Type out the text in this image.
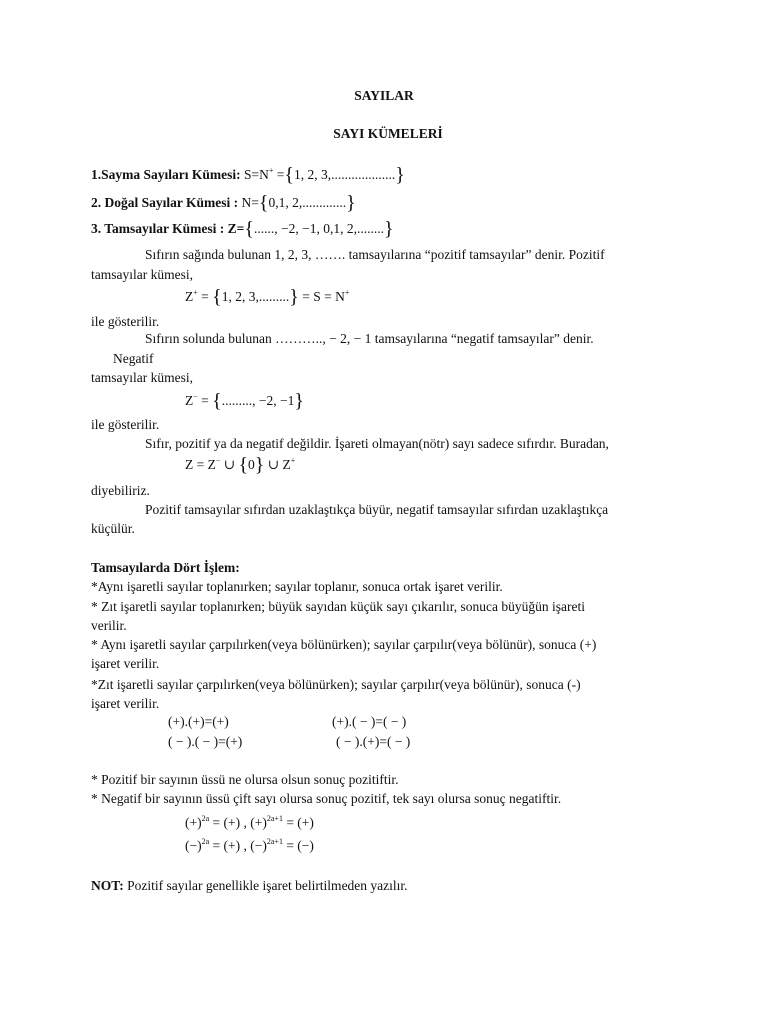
SAYILAR
SAYI KÜMELERİ
1.Sayma Sayıları Kümesi: S=N+ ={1, 2, 3,...................}
2. Doğal Sayılar Kümesi : N={0,1, 2,.............}
3. Tamsayılar Kümesi : Z={......, −2, −1, 0,1, 2,........}
Sıfırın sağında bulunan 1, 2, 3, ……. tamsayılarına “pozitif tamsayılar” denir. Pozitif
tamsayılar kümesi,
Z+ = {1, 2, 3,.........} = S = N+
ile gösterilir.
Sıfırın solunda bulunan ……….., − 2, − 1 tamsayılarına “negatif tamsayılar” denir.
Negatif
tamsayılar kümesi,
Z− = {........., −2, −1}
ile gösterilir.
Sıfır, pozitif ya da negatif değildir. İşareti olmayan(nötr) sayı sadece sıfırdır. Buradan,
Z = Z− ∪ {0} ∪ Z+
diyebiliriz.
Pozitif tamsayılar sıfırdan uzaklaştıkça büyür, negatif tamsayılar sıfırdan uzaklaştıkça
küçülür.
Tamsayılarda Dört İşlem:
*Aynı işaretli sayılar toplanırken; sayılar toplanır, sonuca ortak işaret verilir.
* Zıt işaretli sayılar toplanırken; büyük sayıdan küçük sayı çıkarılır, sonuca büyüğün işareti
verilir.
* Aynı işaretli sayılar çarpılırken(veya bölünürken); sayılar çarpılır(veya bölünür), sonuca (+)
işaret verilir.
*Zıt işaretli sayılar çarpılırken(veya bölünürken); sayılar çarpılır(veya bölünür), sonuca (-)
işaret verilir.
(+).(+)=(+)	(+).( − )=( − )
( − ).( − )=(+)	( − ).(+)=( − )
* Pozitif bir sayının üssü ne olursa olsun sonuç pozitiftir.
* Negatif bir sayının üssü çift sayı olursa sonuç pozitif, tek sayı olursa sonuç negatiftir.
$(+)^{2a}$ = (+) , $(+)^{2a+1}$ = (+)
$(-)^{2a}$ = (+) , $(-)^{2a+1}$ = (−)
NOT: Pozitif sayılar genellikle işaret belirtilmeden yazılır.
